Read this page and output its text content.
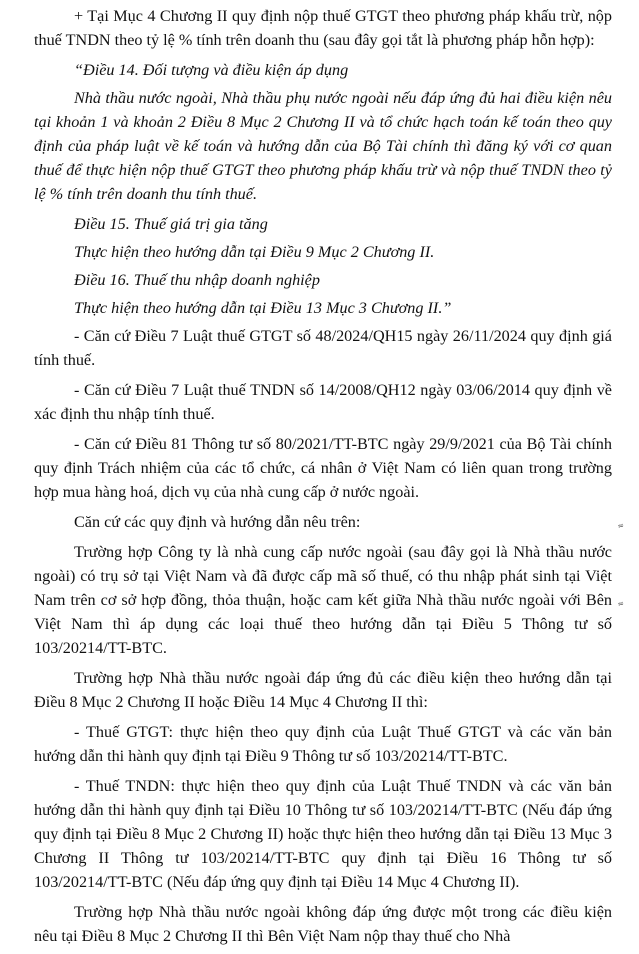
+ Tại Mục 4 Chương II quy định nộp thuế GTGT theo phương pháp khấu trừ, nộp thuế TNDN theo tỷ lệ % tính trên doanh thu (sau đây gọi tắt là phương pháp hỗn hợp):

“Điều 14. Đối tượng và điều kiện áp dụng

Nhà thầu nước ngoài, Nhà thầu phụ nước ngoài nếu đáp ứng đủ hai điều kiện nêu tại khoản 1 và khoản 2 Điều 8 Mục 2 Chương II và tổ chức hạch toán kế toán theo quy định của pháp luật về kế toán và hướng dẫn của Bộ Tài chính thì đăng ký với cơ quan thuế để thực hiện nộp thuế GTGT theo phương pháp khấu trừ và nộp thuế TNDN theo tỷ lệ % tính trên doanh thu tính thuế.

Điều 15. Thuế giá trị gia tăng

Thực hiện theo hướng dẫn tại Điều 9 Mục 2 Chương II.

Điều 16. Thuế thu nhập doanh nghiệp

Thực hiện theo hướng dẫn tại Điều 13 Mục 3 Chương II.”

- Căn cứ Điều 7 Luật thuế GTGT số 48/2024/QH15 ngày 26/11/2024 quy định giá tính thuế.

- Căn cứ Điều 7 Luật thuế TNDN số 14/2008/QH12 ngày 03/06/2014 quy định về xác định thu nhập tính thuế.

- Căn cứ Điều 81 Thông tư số 80/2021/TT-BTC ngày 29/9/2021 của Bộ Tài chính quy định Trách nhiệm của các tổ chức, cá nhân ở Việt Nam có liên quan trong trường hợp mua hàng hoá, dịch vụ của nhà cung cấp ở nước ngoài.

Căn cứ các quy định và hướng dẫn nêu trên:

Trường hợp Công ty là nhà cung cấp nước ngoài (sau đây gọi là Nhà thầu nước ngoài) có trụ sở tại Việt Nam và đã được cấp mã số thuế, có thu nhập phát sinh tại Việt Nam trên cơ sở hợp đồng, thỏa thuận, hoặc cam kết giữa Nhà thầu nước ngoài với Bên Việt Nam thì áp dụng các loại thuế theo hướng dẫn tại Điều 5 Thông tư số 103/20214/TT-BTC.

Trường hợp Nhà thầu nước ngoài đáp ứng đủ các điều kiện theo hướng dẫn tại Điều 8 Mục 2 Chương II hoặc Điều 14 Mục 4 Chương II thì:

- Thuế GTGT: thực hiện theo quy định của Luật Thuế GTGT và các văn bản hướng dẫn thi hành quy định tại Điều 9 Thông tư số 103/20214/TT-BTC.

- Thuế TNDN: thực hiện theo quy định của Luật Thuế TNDN và các văn bản hướng dẫn thi hành quy định tại Điều 10 Thông tư số 103/20214/TT-BTC (Nếu đáp ứng quy định tại Điều 8 Mục 2 Chương II) hoặc thực hiện theo hướng dẫn tại Điều 13 Mục 3 Chương II Thông tư 103/20214/TT-BTC quy định tại Điều 16 Thông tư số 103/20214/TT-BTC (Nếu đáp ứng quy định tại Điều 14 Mục 4 Chương II).

Trường hợp Nhà thầu nước ngoài không đáp ứng được một trong các điều kiện nêu tại Điều 8 Mục 2 Chương II thì Bên Việt Nam nộp thay thuế cho Nhà

≈
≈
